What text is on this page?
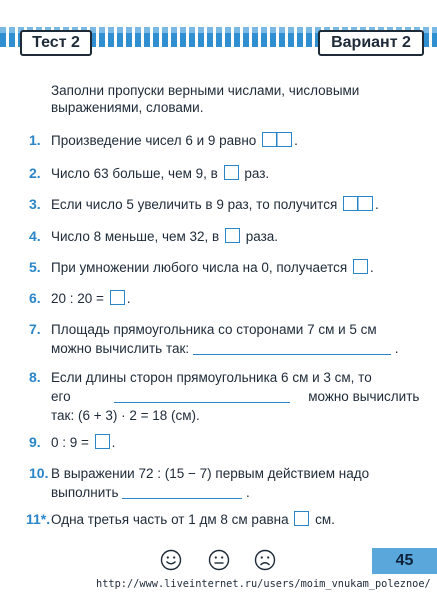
Тест 2	Вариант 2
Заполни пропуски верными числами, числовыми выражениями, словами.
1. Произведение чисел 6 и 9 равно	.
2. Число 63 больше, чем 9, в раз.
3. Если число 5 увеличить в 9 раз, то получится	.
4. Число 8 меньше, чем 32, в раза.
5. При умножении любого числа на 0, получается .
6. 20 : 20 = .
7. Площадь прямоугольника со сторонами 7 см и 5 см
можно вычислить так:	.
8. Если длины сторон прямоугольника 6 см и 3 см, то
его	можно вычислить
так: (6 + 3) · 2 = 18 (см).
9. 0 : 9 = .
10. В выражении 72 : (15 − 7) первым действием надо
выполнить	.
11*. Одна третья часть от 1 дм 8 см равна см.
45
http://www.liveinternet.ru/users/moim_vnukam_poleznoe/
